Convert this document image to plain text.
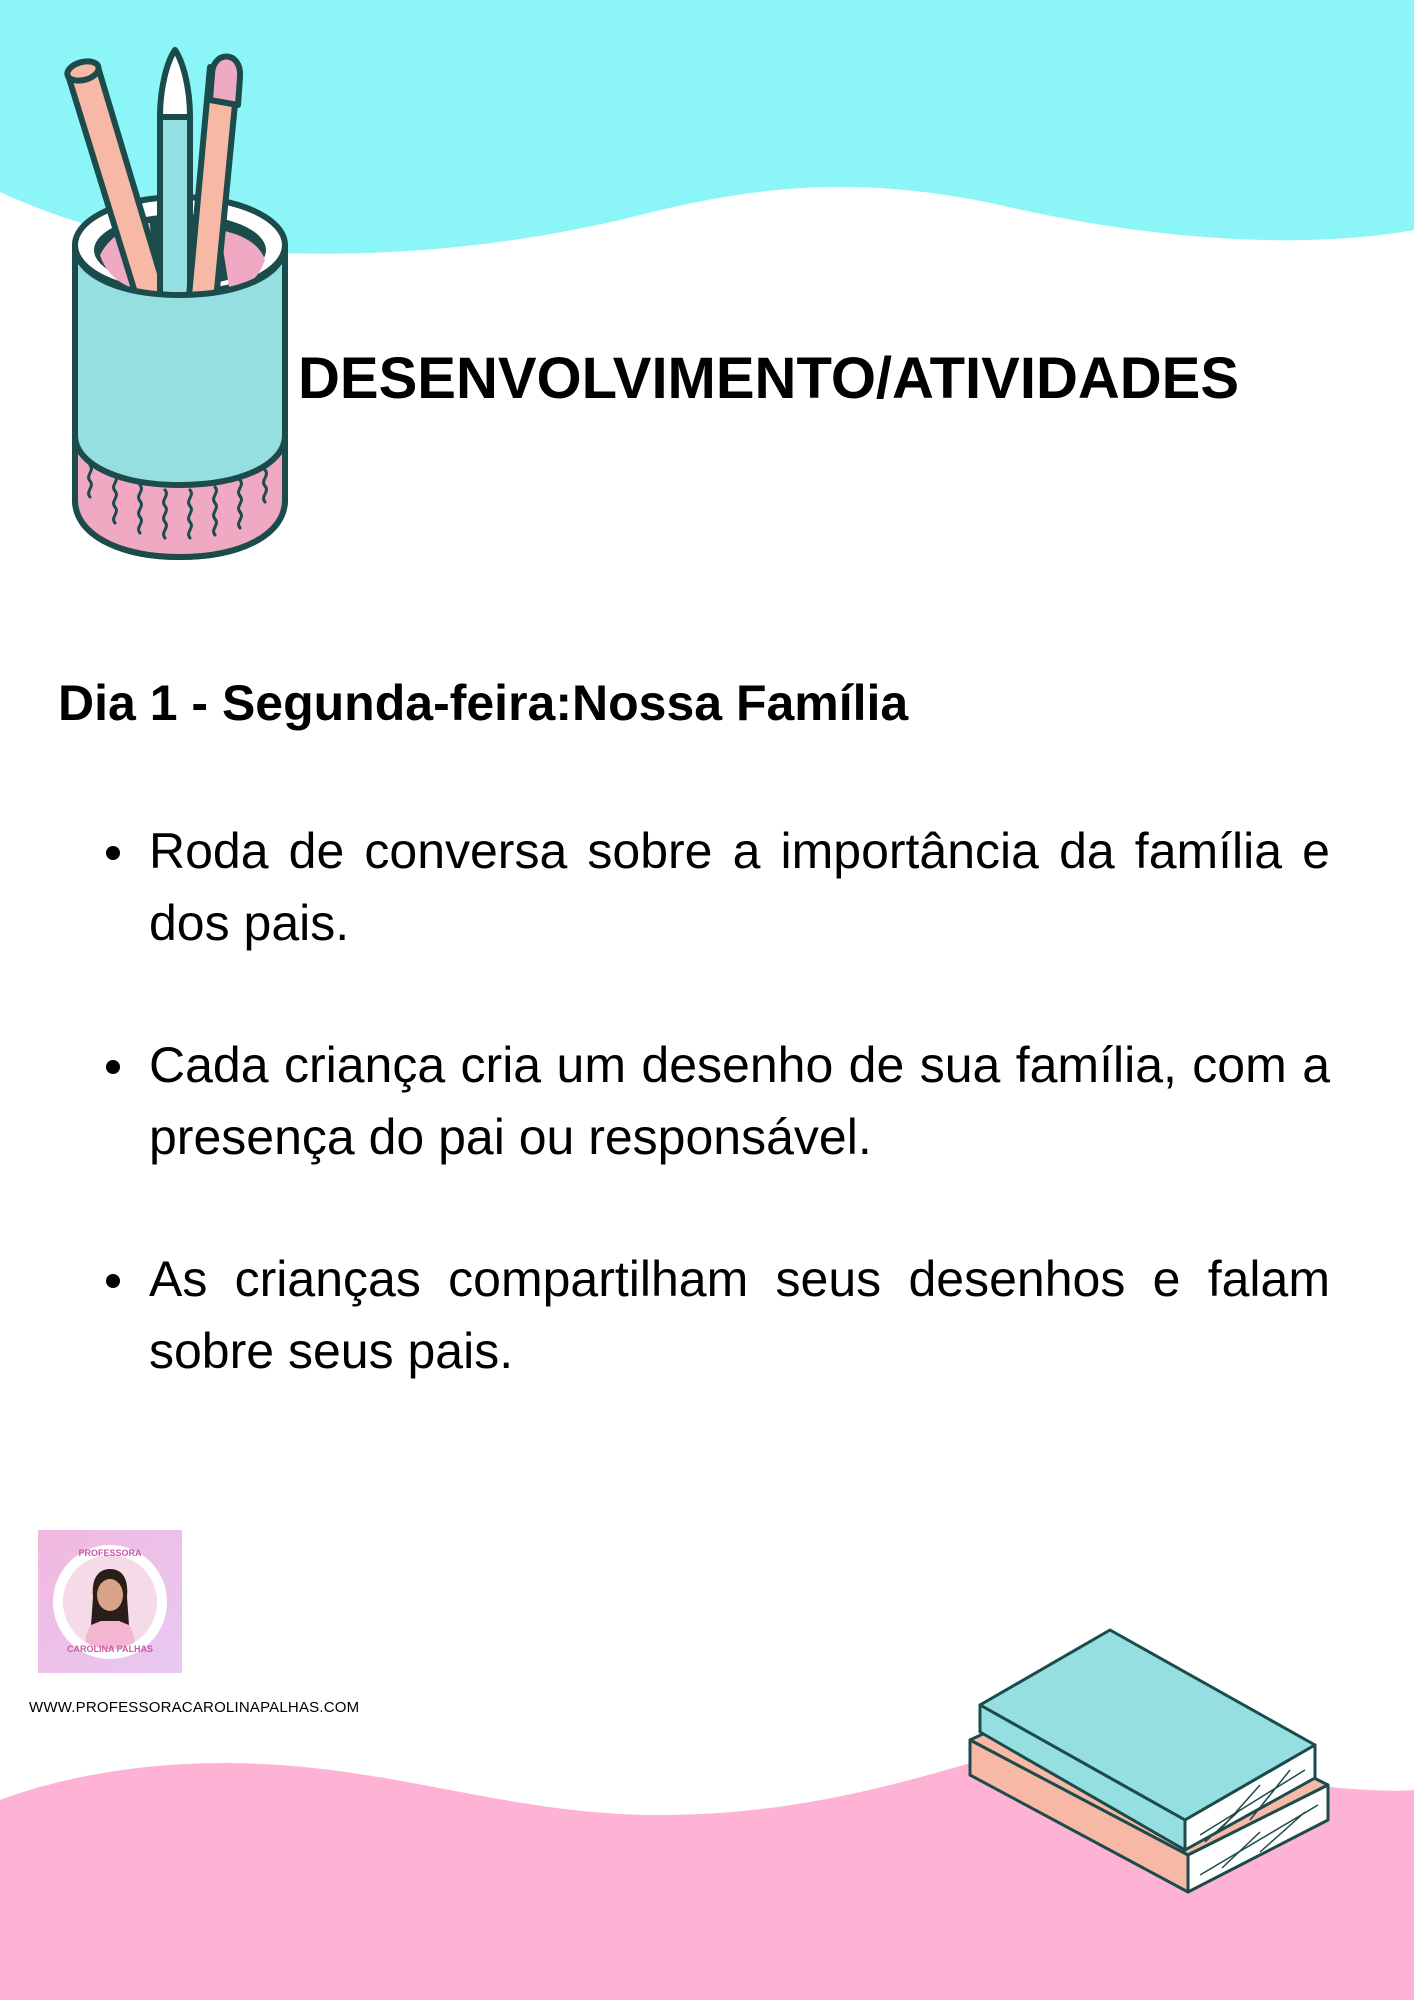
DESENVOLVIMENTO/ATIVIDADES
Dia 1 - Segunda-feira:Nossa Família
Roda de conversa sobre a importância da família e dos pais.
Cada criança cria um desenho de sua família, com a presença do pai ou responsável.
As crianças compartilham seus desenhos e falam sobre seus pais.
PROFESSORA
CAROLINA PALHAS
WWW.PROFESSORACAROLINAPALHAS.COM
